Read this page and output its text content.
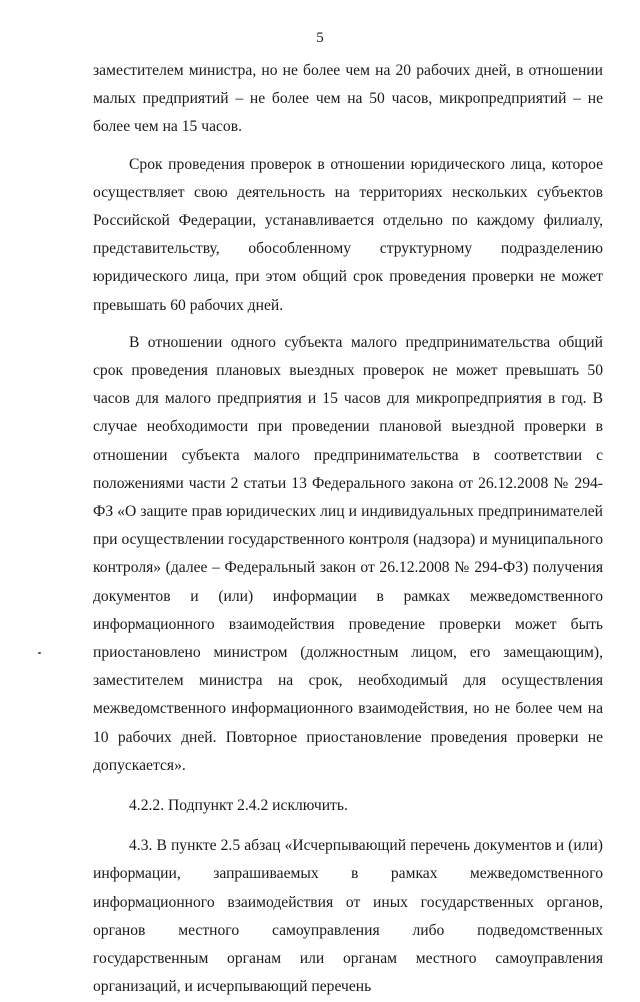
5

заместителем министра, но не более чем на 20 рабочих дней, в отношении малых предприятий – не более чем на 50 часов, микропредприятий – не более чем на 15 часов.

Срок проведения проверок в отношении юридического лица, которое осуществляет свою деятельность на территориях нескольких субъектов Российской Федерации, устанавливается отдельно по каждому филиалу, представительству, обособленному структурному подразделению юридического лица, при этом общий срок проведения проверки не может превышать 60 рабочих дней.

В отношении одного субъекта малого предпринимательства общий срок проведения плановых выездных проверок не может превышать 50 часов для малого предприятия и 15 часов для микропредприятия в год. В случае необходимости при проведении плановой выездной проверки в отношении субъекта малого предпринимательства в соответствии с положениями части 2 статьи 13 Федерального закона от 26.12.2008 № 294-ФЗ «О защите прав юридических лиц и индивидуальных предпринимателей при осуществлении государственного контроля (надзора) и муниципального контроля» (далее – Федеральный закон от 26.12.2008 № 294-ФЗ) получения документов и (или) информации в рамках межведомственного информационного взаимодействия проведение проверки может быть приостановлено министром (должностным лицом, его замещающим), заместителем министра на срок, необходимый для осуществления межведомственного информационного взаимодействия, но не более чем на 10 рабочих дней. Повторное приостановление проведения проверки не допускается».

4.2.2. Подпункт 2.4.2 исключить.

4.3. В пункте 2.5 абзац «Исчерпывающий перечень документов и (или) информации, запрашиваемых в рамках межведомственного информационного взаимодействия от иных государственных органов, органов местного самоуправления либо подведомственных государственным органам или органам местного самоуправления организаций, и исчерпывающий перечень
